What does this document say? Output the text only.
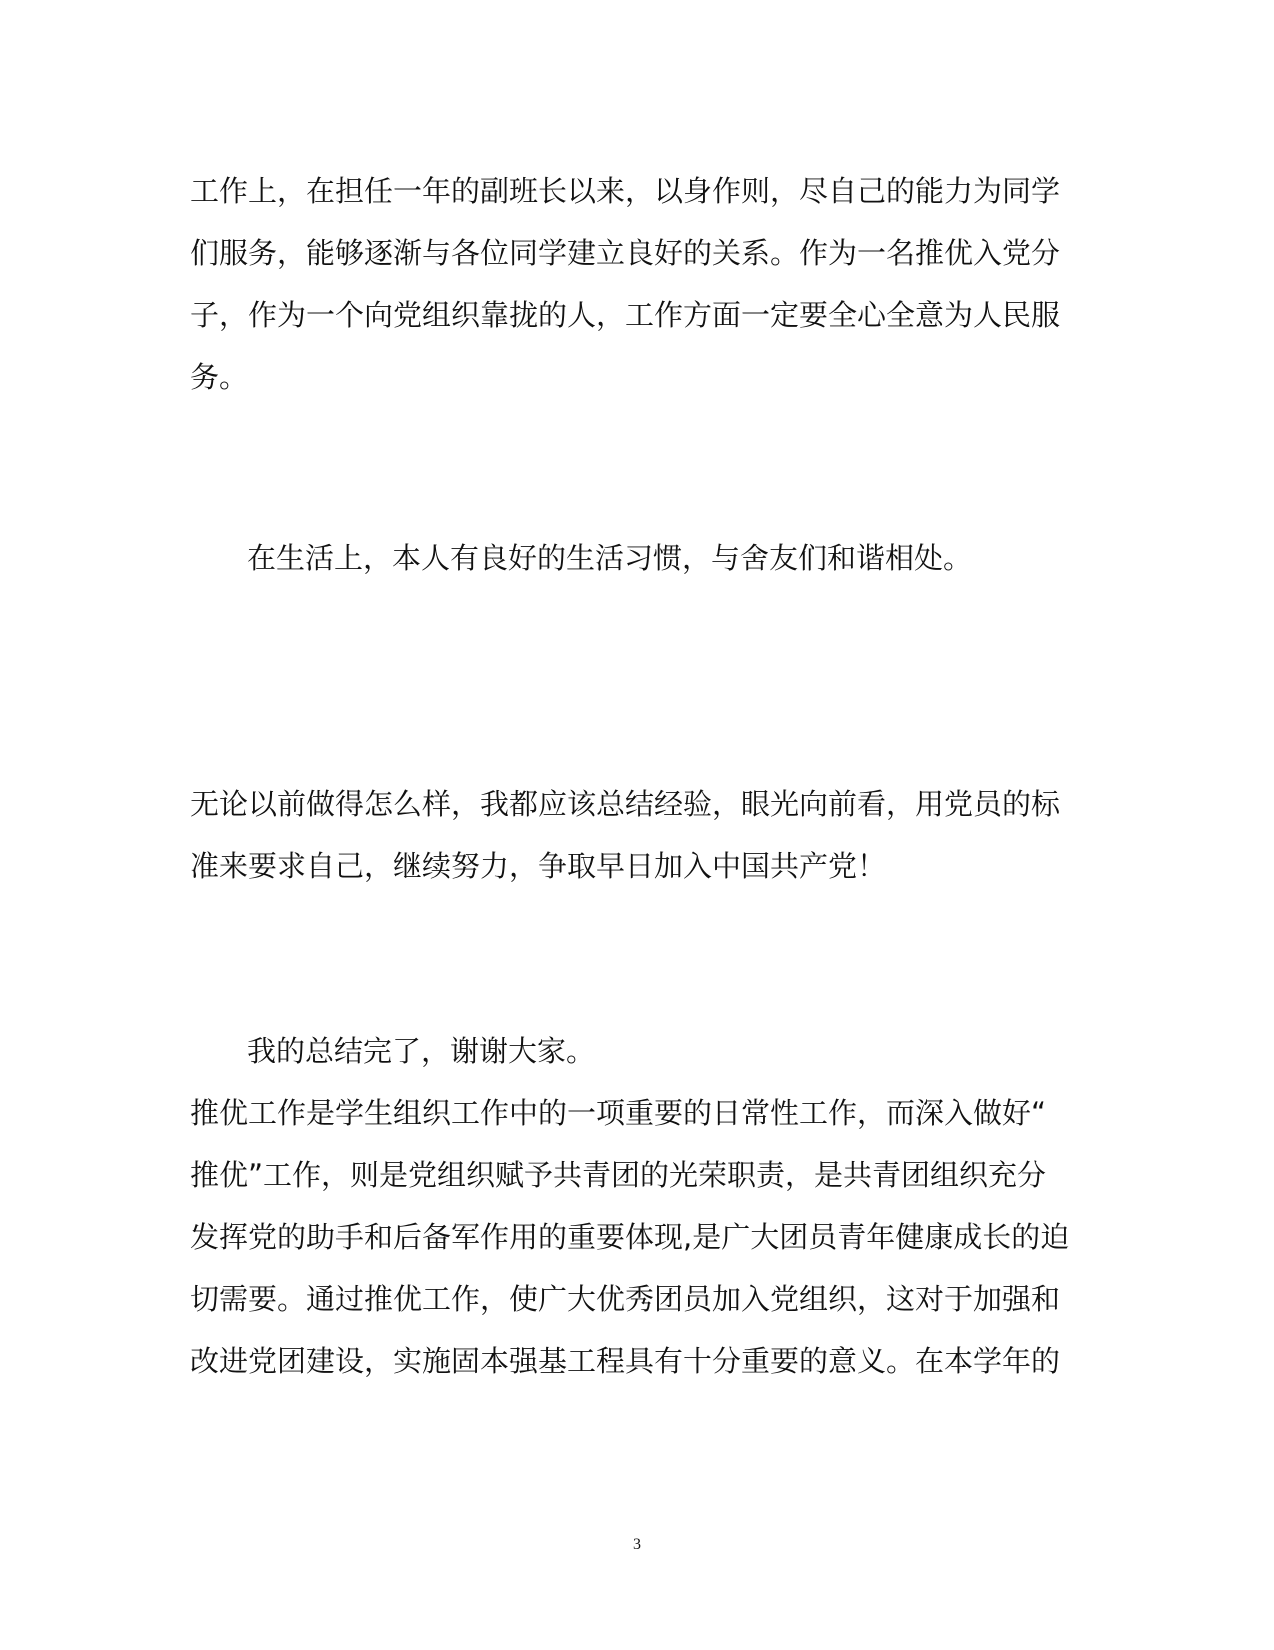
工作上，在担任一年的副班长以来，以身作则，尽自己的能力为同学

们服务，能够逐渐与各位同学建立良好的关系。作为一名推优入党分

子，作为一个向党组织靠拢的人，工作方面一定要全心全意为人民服

务。

在生活上，本人有良好的生活习惯，与舍友们和谐相处。

无论以前做得怎么样，我都应该总结经验，眼光向前看，用党员的标

准来要求自己，继续努力，争取早日加入中国共产党！

我的总结完了，谢谢大家。

推优工作是学生组织工作中的一项重要的日常性工作，而深入做好“

推优”工作，则是党组织赋予共青团的光荣职责，是共青团组织充分

发挥党的助手和后备军作用的重要体现,是广大团员青年健康成长的迫

切需要。通过推优工作，使广大优秀团员加入党组织，这对于加强和

改进党团建设，实施固本强基工程具有十分重要的意义。在本学年的

3
